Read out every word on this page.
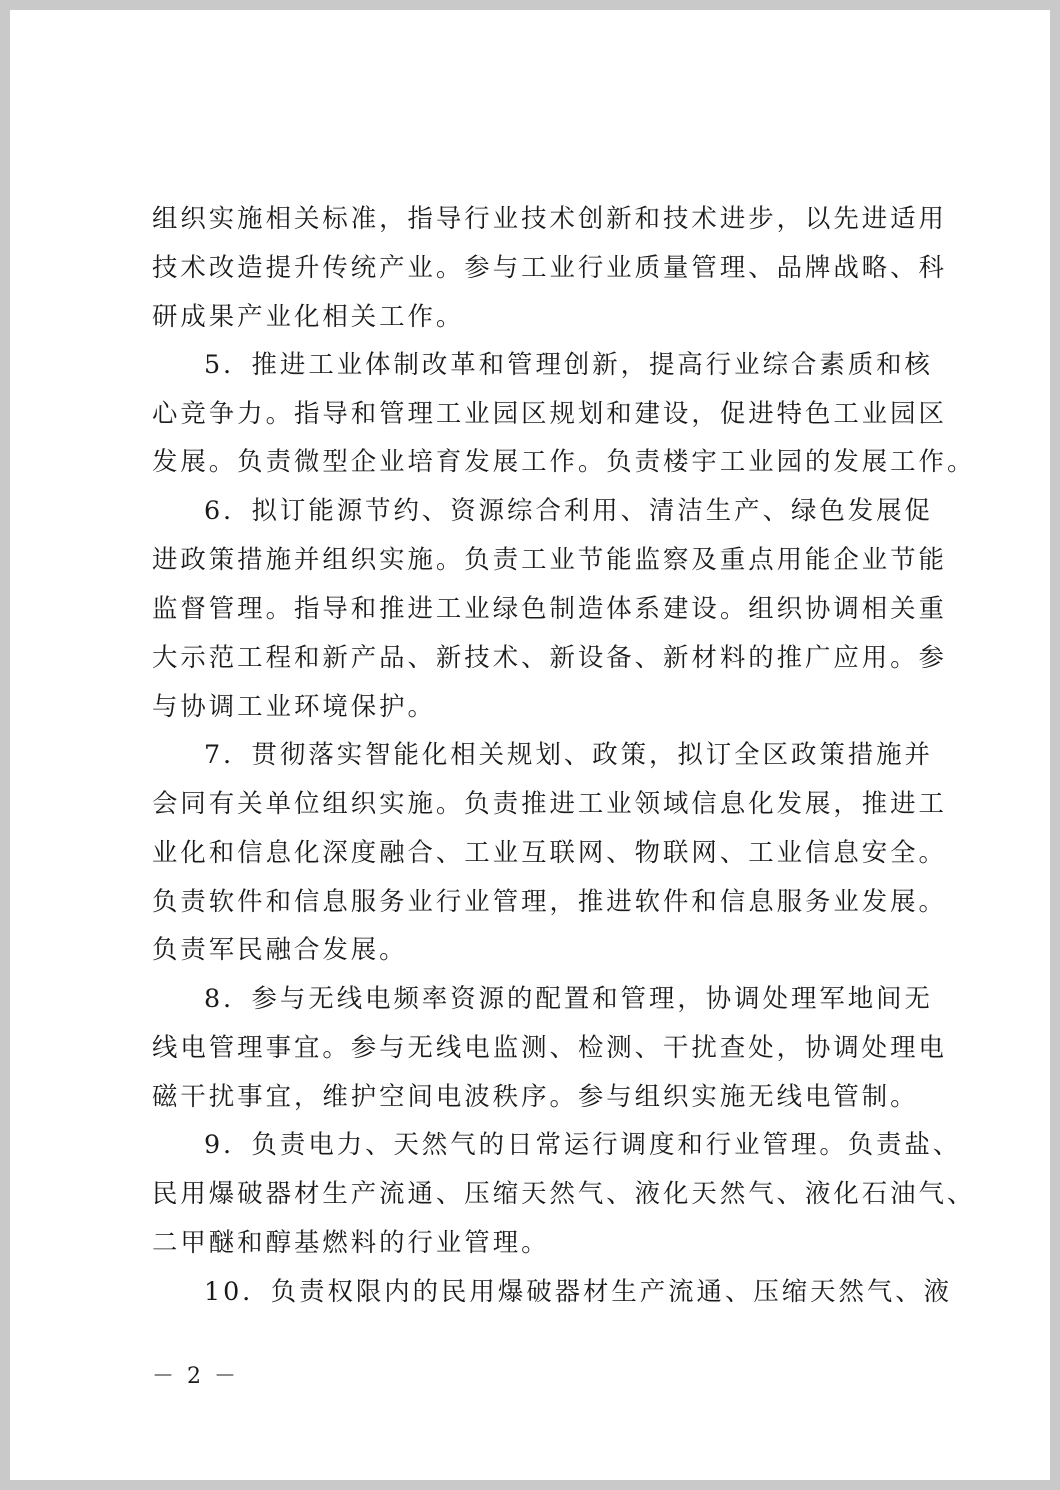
组织实施相关标准，指导行业技术创新和技术进步，以先进适用
技术改造提升传统产业。参与工业行业质量管理、品牌战略、科
研成果产业化相关工作。
5．推进工业体制改革和管理创新，提高行业综合素质和核
心竞争力。指导和管理工业园区规划和建设，促进特色工业园区
发展。负责微型企业培育发展工作。负责楼宇工业园的发展工作。
6．拟订能源节约、资源综合利用、清洁生产、绿色发展促
进政策措施并组织实施。负责工业节能监察及重点用能企业节能
监督管理。指导和推进工业绿色制造体系建设。组织协调相关重
大示范工程和新产品、新技术、新设备、新材料的推广应用。参
与协调工业环境保护。
7．贯彻落实智能化相关规划、政策，拟订全区政策措施并
会同有关单位组织实施。负责推进工业领域信息化发展，推进工
业化和信息化深度融合、工业互联网、物联网、工业信息安全。
负责软件和信息服务业行业管理，推进软件和信息服务业发展。
负责军民融合发展。
8．参与无线电频率资源的配置和管理，协调处理军地间无
线电管理事宜。参与无线电监测、检测、干扰查处，协调处理电
磁干扰事宜，维护空间电波秩序。参与组织实施无线电管制。
9．负责电力、天然气的日常运行调度和行业管理。负责盐、
民用爆破器材生产流通、压缩天然气、液化天然气、液化石油气、
二甲醚和醇基燃料的行业管理。
10．负责权限内的民用爆破器材生产流通、压缩天然气、液
－ 2 －
